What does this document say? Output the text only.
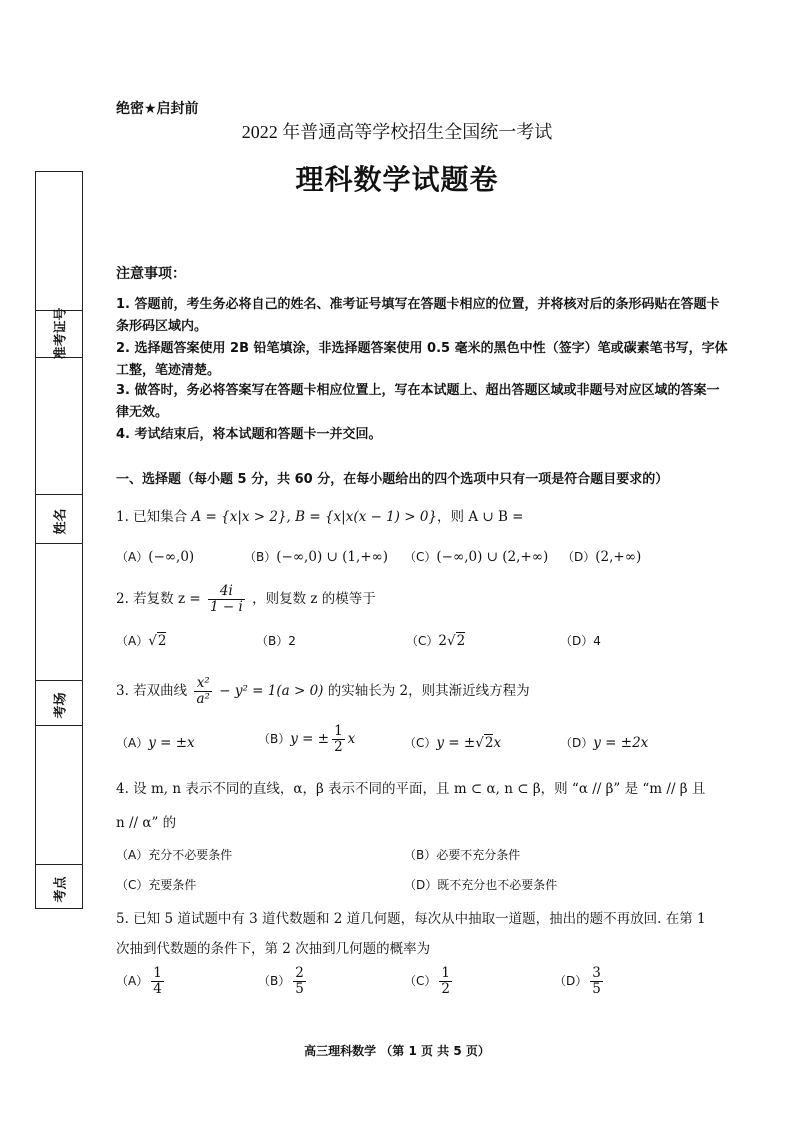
准考证号
姓名
考场
考点
绝密★启封前
2022 年普通高等学校招生全国统一考试
理科数学试题卷
注意事项：
1. 答题前，考生务必将自己的姓名、准考证号填写在答题卡相应的位置，并将核对后的条形码贴在答题卡条形码区域内。
2. 选择题答案使用 2B 铅笔填涂，非选择题答案使用 0.5 毫米的黑色中性（签字）笔或碳素笔书写，字体工整，笔迹清楚。
3. 做答时，务必将答案写在答题卡相应位置上，写在本试题上、超出答题区域或非题号对应区域的答案一律无效。
4. 考试结束后，将本试题和答题卡一并交回。
一、选择题（每小题 5 分，共 60 分，在每小题给出的四个选项中只有一项是符合题目要求的）
1. 已知集合 A = {x|x > 2}, B = {x|x(x − 1) > 0}，则 A ∪ B =
（A）(−∞,0)	（B）(−∞,0) ∪ (1,+∞) （C）(−∞,0) ∪ (2,+∞) （D）(2,+∞)
2. 若复数 $z = \frac{4i}{1 - i}$ ，则复数 z 的模等于
（A）√2	（B）2	（C）2√2	（D）4
3. 若双曲线 $\frac{\text{x²}}{\text{a²}} - y^2 = 1(a > 0)$ 的实轴长为 2，则其渐近线方程为
（A）y = ±x	（B）y = ± $\frac{1}{2}$ x	（C）y = ±√2x	（D）y = ±2x
4. 设 m, n 表示不同的直线，α，β 表示不同的平面，且 m ⊂ α, n ⊂ β，则 “α // β” 是 “m // β 且
n // α” 的
（A）充分不必要条件	（B）必要不充分条件
（C）充要条件	（D）既不充分也不必要条件
5. 已知 5 道试题中有 3 道代数题和 2 道几何题，每次从中抽取一道题，抽出的题不再放回. 在第 1
次抽到代数题的条件下，第 2 次抽到几何题的概率为
$(A) \frac{1}{4}$	$(B) \frac{2}{5}$	$(C) \frac{1}{2}$	$(D) \frac{3}{5}$
高三理科数学 （第 1 页 共 5 页）
